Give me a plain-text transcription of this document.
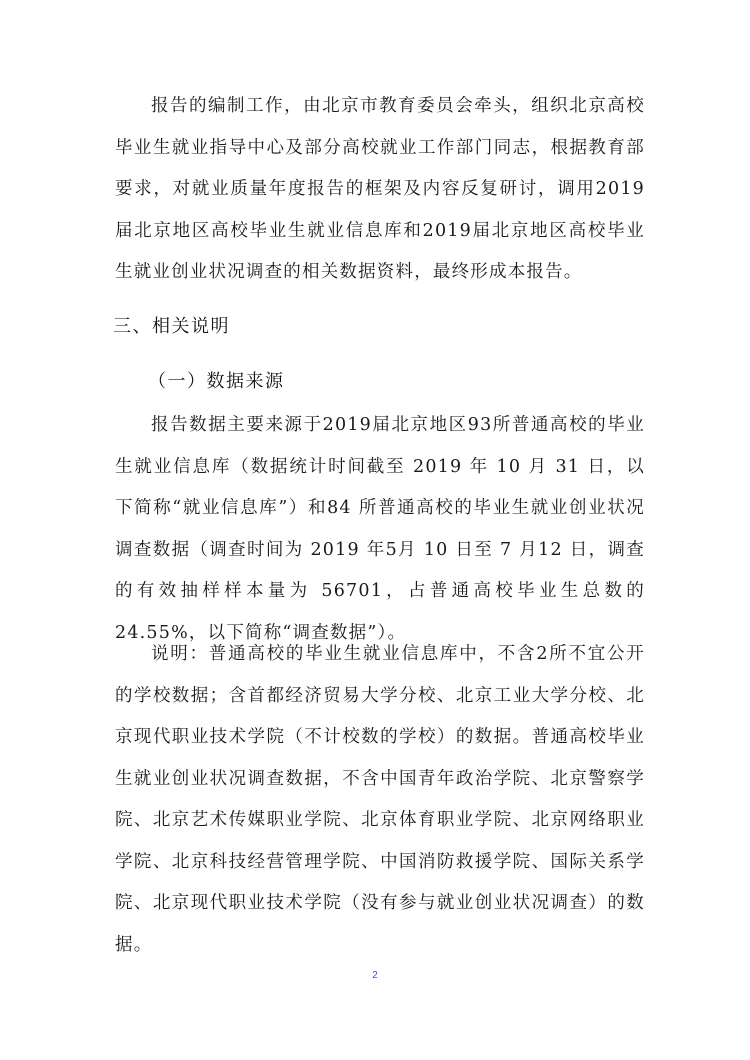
报告的编制工作，由北京市教育委员会牵头，组织北京高校毕业生就业指导中心及部分高校就业工作部门同志，根据教育部要求，对就业质量年度报告的框架及内容反复研讨，调用2019届北京地区高校毕业生就业信息库和2019届北京地区高校毕业生就业创业状况调查的相关数据资料，最终形成本报告。

三、相关说明
（一）数据来源

报告数据主要来源于2019届北京地区93所普通高校的毕业生就业信息库（数据统计时间截至 2019 年 10 月 31 日，以下简称“就业信息库”）和84 所普通高校的毕业生就业创业状况调查数据（调查时间为 2019 年5月 10 日至 7 月12 日，调查的有效抽样样本量为 56701，占普通高校毕业生总数的24.55%，以下简称“调查数据”）。

说明：普通高校的毕业生就业信息库中，不含2所不宜公开的学校数据；含首都经济贸易大学分校、北京工业大学分校、北京现代职业技术学院（不计校数的学校）的数据。普通高校毕业生就业创业状况调查数据，不含中国青年政治学院、北京警察学院、北京艺术传媒职业学院、北京体育职业学院、北京网络职业学院、北京科技经营管理学院、中国消防救援学院、国际关系学院、北京现代职业技术学院（没有参与就业创业状况调查）的数据。

2
